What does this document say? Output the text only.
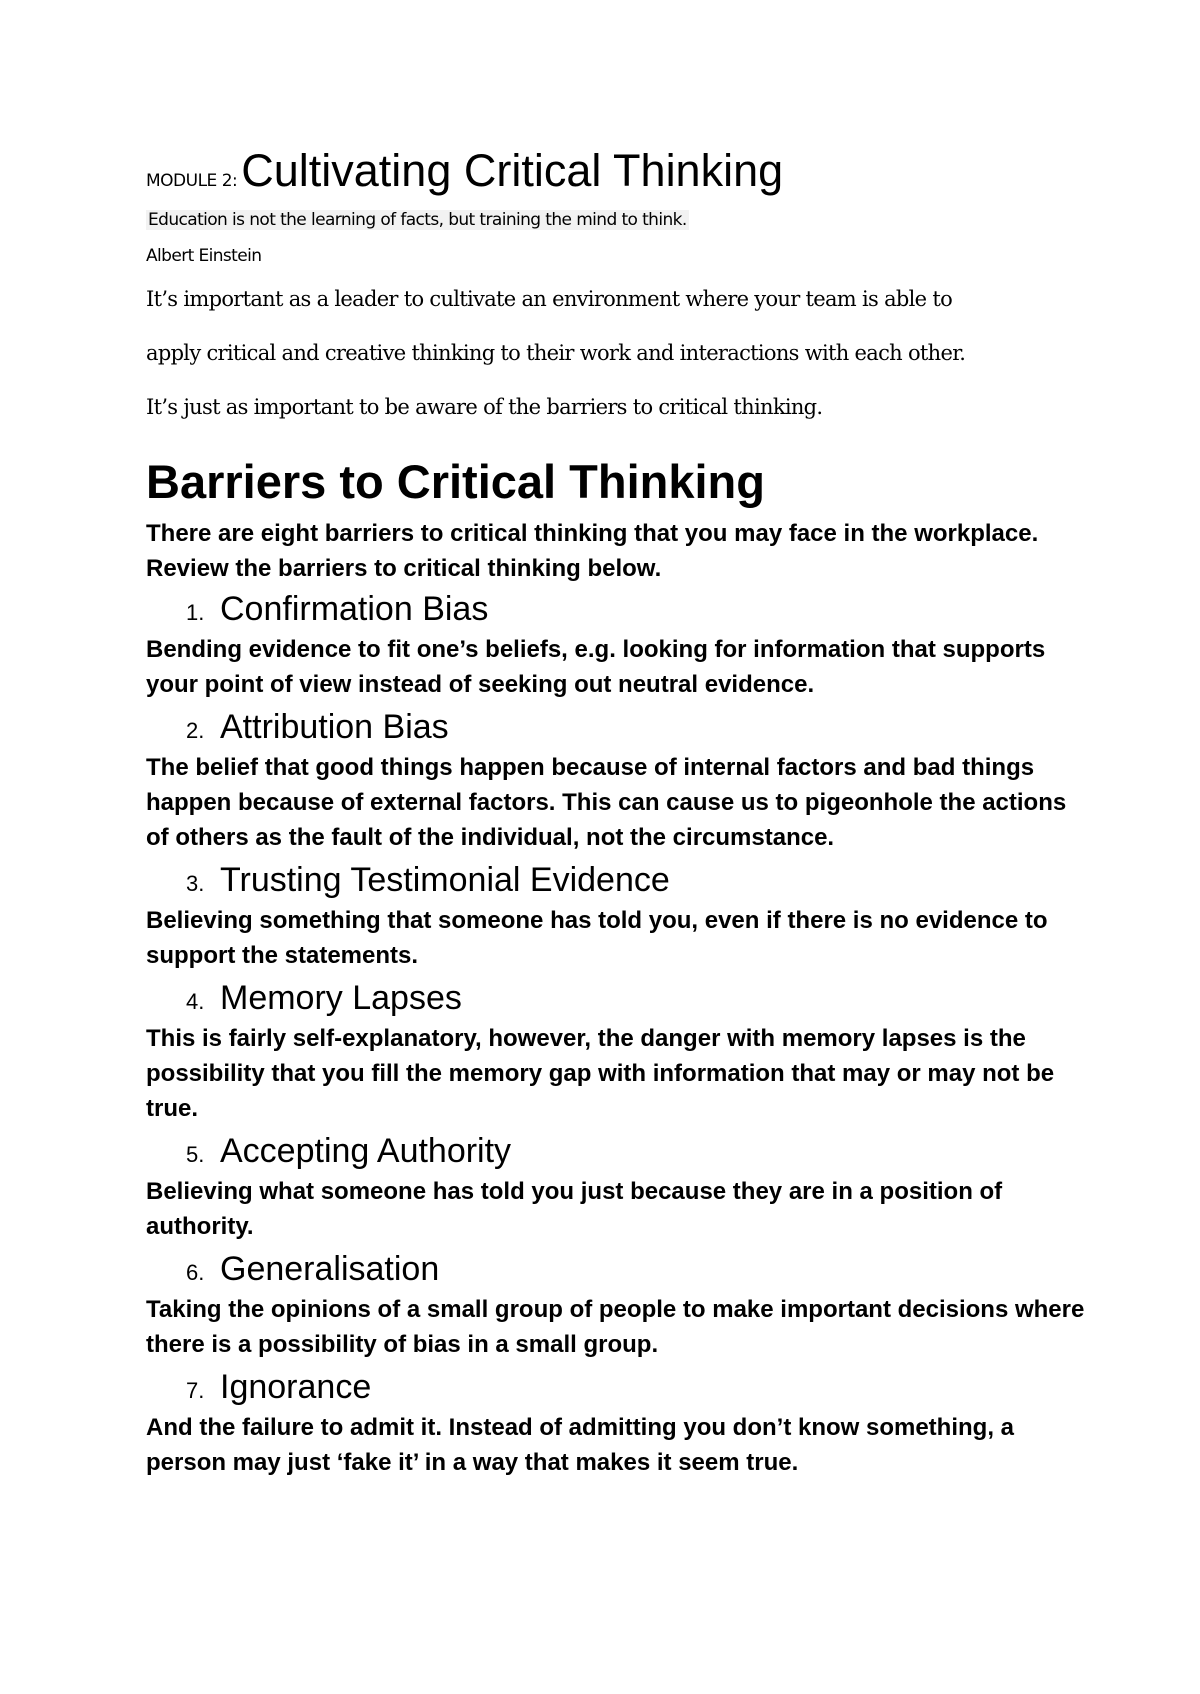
MODULE 2: Cultivating Critical Thinking

Education is not the learning of facts, but training the mind to think.

Albert Einstein

It’s important as a leader to cultivate an environment where your team is able to
apply critical and creative thinking to their work and interactions with each other.
It’s just as important to be aware of the barriers to critical thinking.
Barriers to Critical Thinking

There are eight barriers to critical thinking that you may face in the workplace. Review the barriers to critical thinking below.

1. Confirmation Bias

Bending evidence to fit one’s beliefs, e.g. looking for information that supports your point of view instead of seeking out neutral evidence.

2. Attribution Bias

The belief that good things happen because of internal factors and bad things happen because of external factors. This can cause us to pigeonhole the actions of others as the fault of the individual, not the circumstance.

3. Trusting Testimonial Evidence

Believing something that someone has told you, even if there is no evidence to support the statements.

4. Memory Lapses

This is fairly self-explanatory, however, the danger with memory lapses is the possibility that you fill the memory gap with information that may or may not be true.

5. Accepting Authority

Believing what someone has told you just because they are in a position of authority.

6. Generalisation

Taking the opinions of a small group of people to make important decisions where there is a possibility of bias in a small group.

7. Ignorance

And the failure to admit it. Instead of admitting you don’t know something, a person may just ‘fake it’ in a way that makes it seem true.
